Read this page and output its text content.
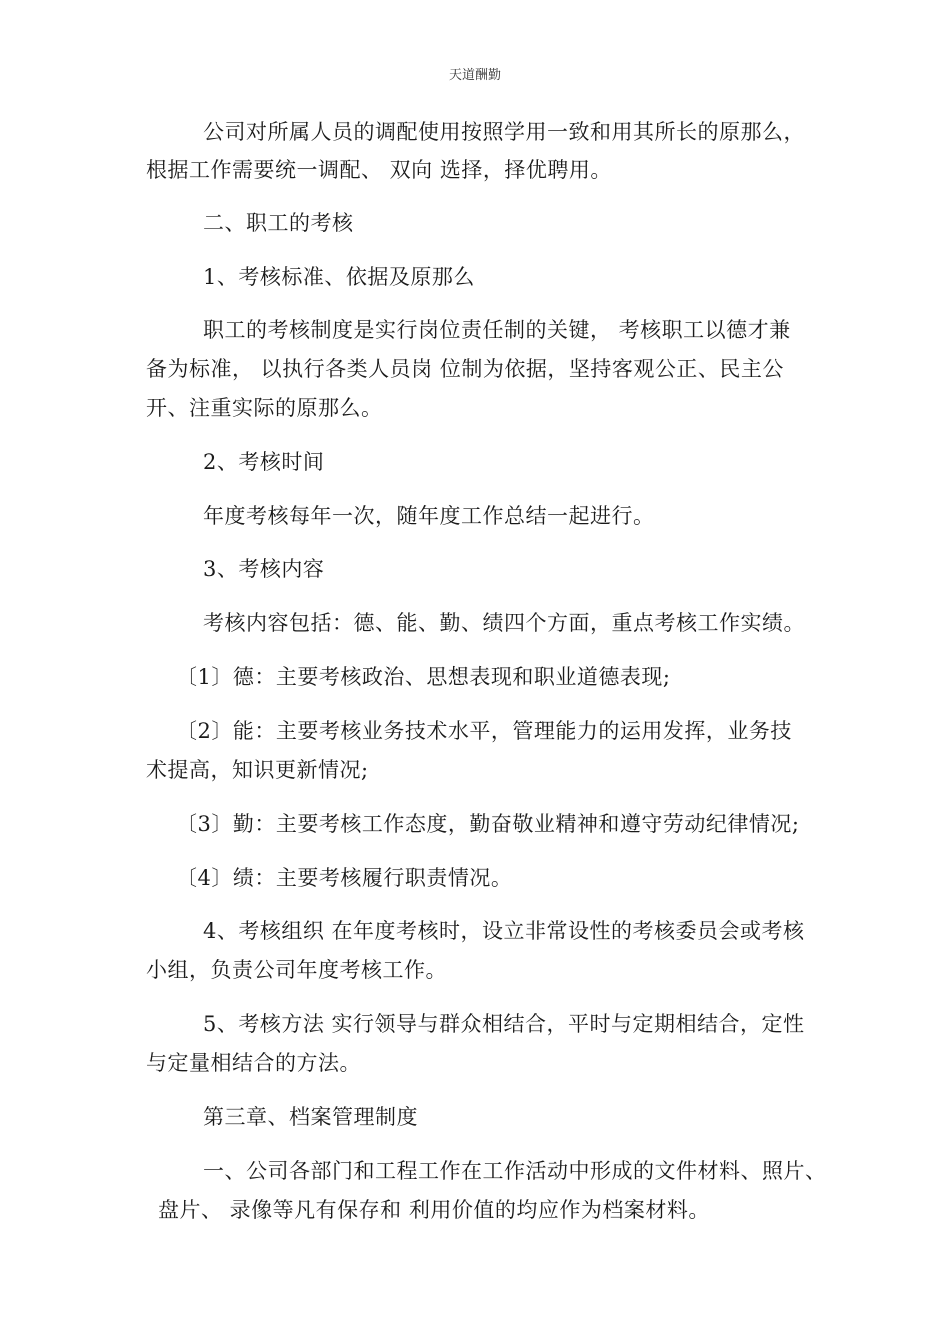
天道酬勤
公司对所属人员的调配使用按照学用一致和用其所长的原那么，
根据工作需要统一调配、 双向 选择，择优聘用。
二、职工的考核
1、考核标准、依据及原那么
职工的考核制度是实行岗位责任制的关键， 考核职工以德才兼
备为标准， 以执行各类人员岗 位制为依据，坚持客观公正、民主公
开、注重实际的原那么。
2、考核时间
年度考核每年一次，随年度工作总结一起进行。
3、考核内容
考核内容包括：德、能、勤、绩四个方面，重点考核工作实绩。
〔1〕德：主要考核政治、思想表现和职业道德表现;
〔2〕能：主要考核业务技术水平，管理能力的运用发挥，业务技
术提高，知识更新情况;
〔3〕勤：主要考核工作态度，勤奋敬业精神和遵守劳动纪律情况;
〔4〕绩：主要考核履行职责情况。
4、考核组织 在年度考核时，设立非常设性的考核委员会或考核
小组，负责公司年度考核工作。
5、考核方法 实行领导与群众相结合，平时与定期相结合，定性
与定量相结合的方法。
第三章、档案管理制度
一、公司各部门和工程工作在工作活动中形成的文件材料、照片、
盘片、 录像等凡有保存和 利用价值的均应作为档案材料。
